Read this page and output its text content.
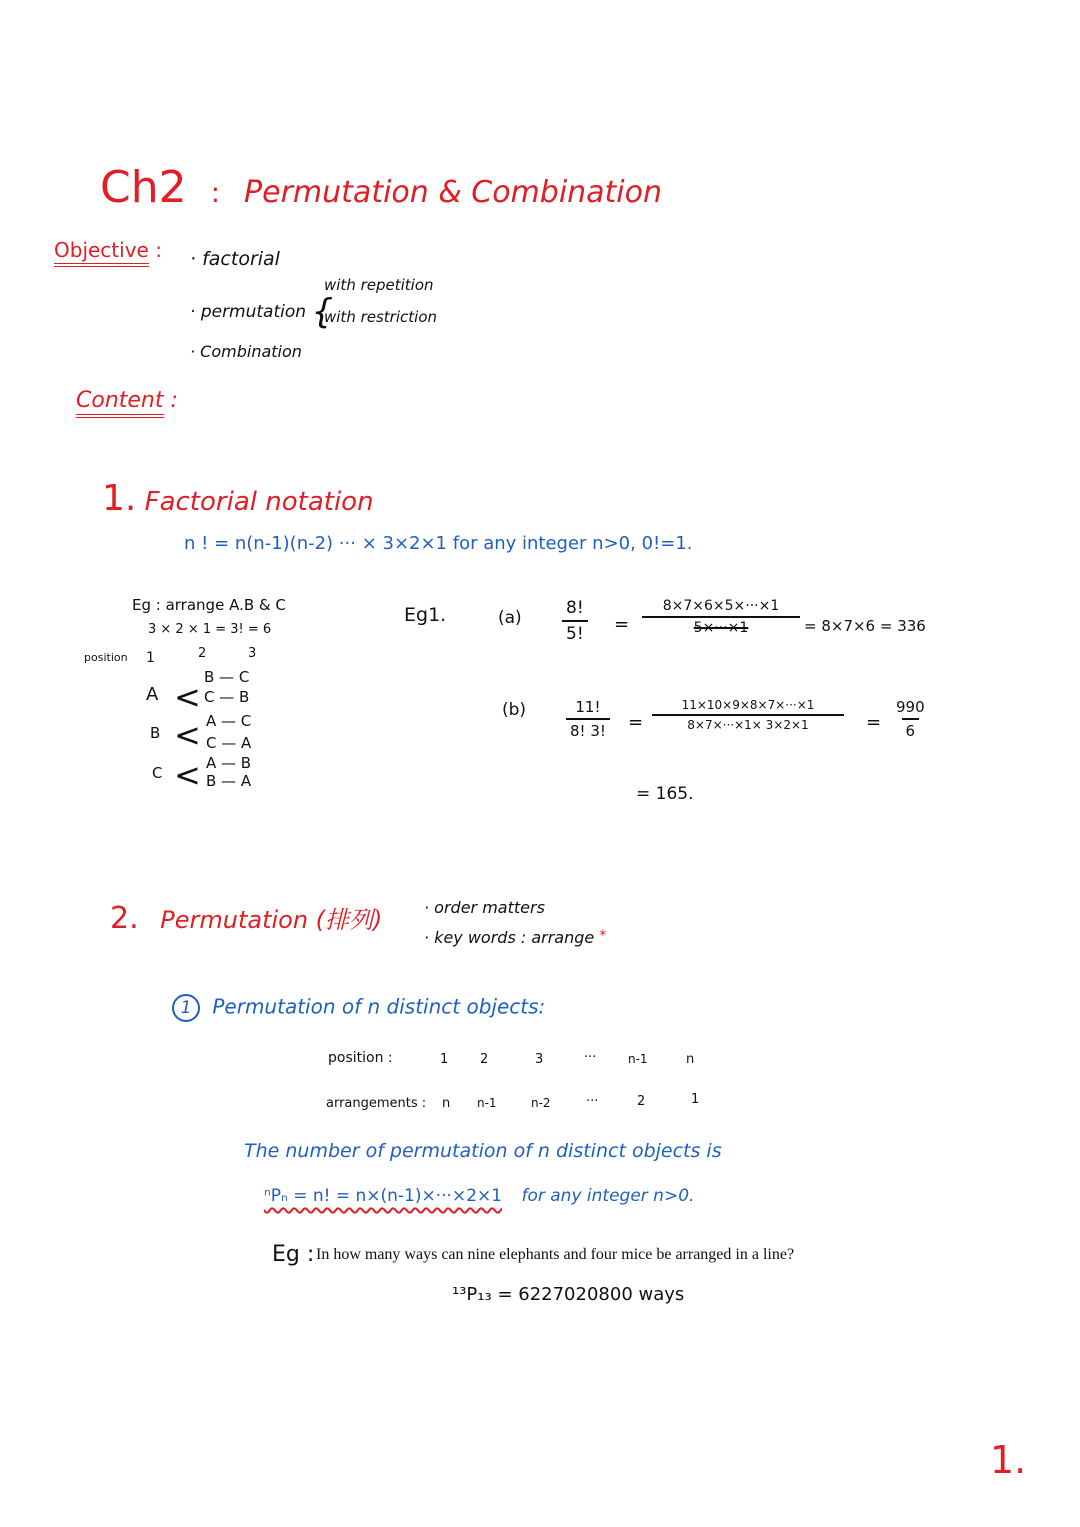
Ch2 : Permutation & Combination
Objective : · factorial
· permutation {
with repetition
with restriction
· Combination
Content :
1. Factorial notation
n ! = n(n-1)(n-2) ··· × 3×2×1 for any integer n>0, 0!=1.
Eg : arrange A.B & C
3 × 2 × 1 = 3! = 6
position 1	2	3
A <
B — C
C — B
B < A — C
C — A
C < A — B
B — A
Eg1.	$(a) \frac{8!}{5!} = \frac{8\times 7\times 6\times 5\times\cdot\cdot\cdot\times 1}{5\times\cdot\cdot\cdot\times 1} = 8\times 7\times 6 = 336$
(b)	$\frac{11!}{8! 3!} = \frac{11\times 10\times 9\times 8\times 7\times\cdot\cdot\cdot\times 1}{8\times 7\times\cdot\cdot\cdot\times 1\times 3\times 2\times 1} = \frac{990}{6}$
= 165.
2. Permutation (排列)	· order matters
· key words : arrange *
1 Permutation of n distinct objects:
position :	1 2	3	···	n-1	n
arrangements : n n-1	n-2	···	2	1
The number of permutation of n distinct objects is
ⁿPₙ = n! = n×(n-1)×···×2×1 for any integer n>0.
Eg : In how many ways can nine elephants and four mice be arranged in a line?
¹³P₁₃ = 6227020800 ways
1.
